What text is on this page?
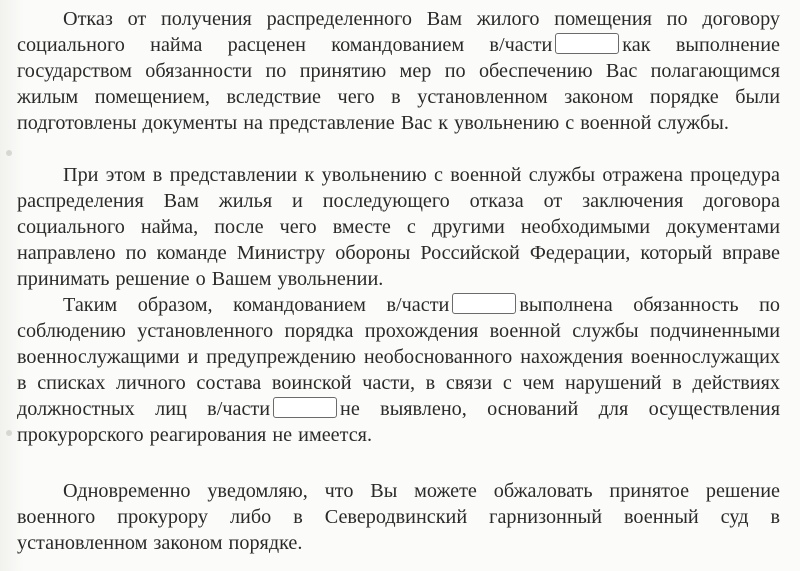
Отказ от получения распределенного Вам жилого помещения по договору социального найма расценен командованием в/части	как выполнение государством обязанности по принятию мер по обеспечению Вас полагающимся жилым помещением, вследствие чего в установленном законом порядке были подготовлены документы на представление Вас к увольнению с военной службы.

При этом в представлении к увольнению с военной службы отражена процедура распределения Вам жилья и последующего отказа от заключения договора социального найма, после чего вместе с другими необходимыми документами направлено по команде Министру обороны Российской Федерации, который вправе принимать решение о Вашем увольнении.

Таким образом, командованием в/части	выполнена обязанность по соблюдению установленного порядка прохождения военной службы подчиненными военнослужащими и предупреждению необоснованного нахождения военнослужащих в списках личного состава воинской части, в связи с чем нарушений в действиях должностных лиц в/части	не выявлено, оснований для осуществления прокурорского реагирования не имеется.

Одновременно уведомляю, что Вы можете обжаловать принятое решение военного прокурору либо в Северодвинский гарнизонный военный суд в установленном законом порядке.
